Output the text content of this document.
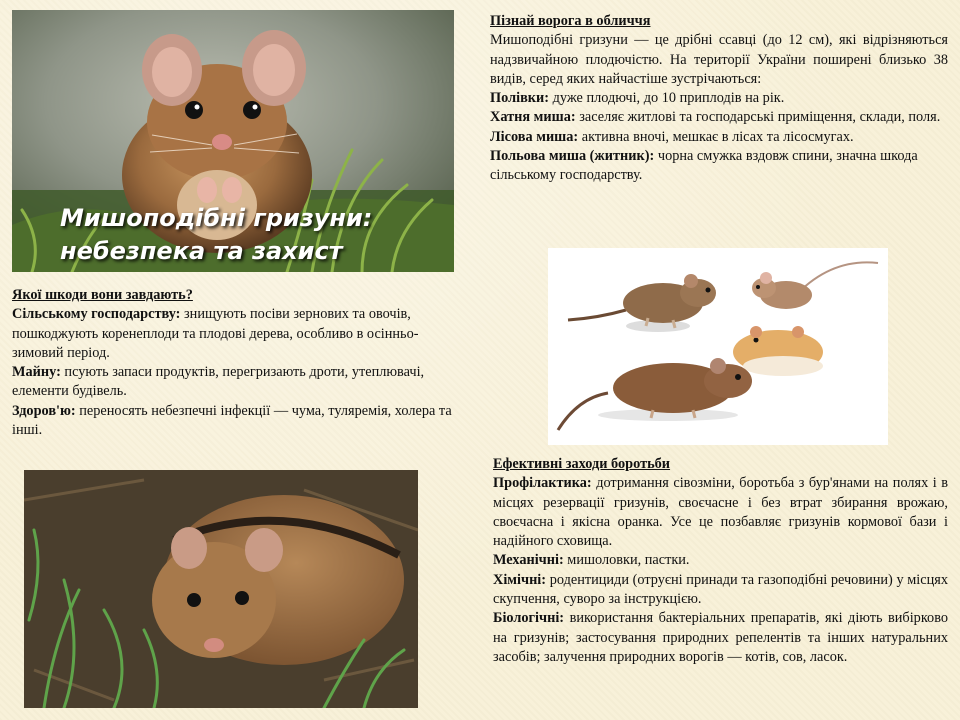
Мишоподібні гризуни:
небезпека та захист

Пізнай ворога в обличчя

Мишоподібні гризуни — це дрібні ссавці (до 12 см), які відрізняються надзвичайною плодючістю. На території України поширені близько 38 видів, серед яких найчастіше зустрічаються:

Полівки: дуже плодючі, до 10 приплодів на рік.

Хатня миша: заселяє житлові та господарські приміщення, склади, поля.

Лісова миша: активна вночі, мешкає в лісах та лісосмугах.

Польова миша (житник): чорна смужка вздовж спини, значна шкода сільському господарству.

Якої шкоди вони завдають?

Сільському господарству: знищують посіви зернових та овочів, пошкоджують коренеплоди та плодові дерева, особливо в осінньо-зимовий період.

Майну: псують запаси продуктів, перегризають дроти, утеплювачі, елементи будівель.

Здоров'ю: переносять небезпечні інфекції — чума, туляремія, холера та інші.

Ефективні заходи боротьби

Профілактика: дотримання сівозміни, боротьба з бур'янами на полях і в місцях резервації гризунів, своєчасне і без втрат збирання врожаю, своєчасна і якісна оранка. Усе це позбавляє гризунів кормової бази і надійного сховища.

Механічні: мишоловки, пастки.

Хімічні: родентициди (отруєні принади та газоподібні речовини) у місцях скупчення, суворо за інструкцією.

Біологічні: використання бактеріальних препаратів, які діють вибірково на гризунів; застосування природних репелентів та інших натуральних засобів; залучення природних ворогів — котів, сов, ласок.
